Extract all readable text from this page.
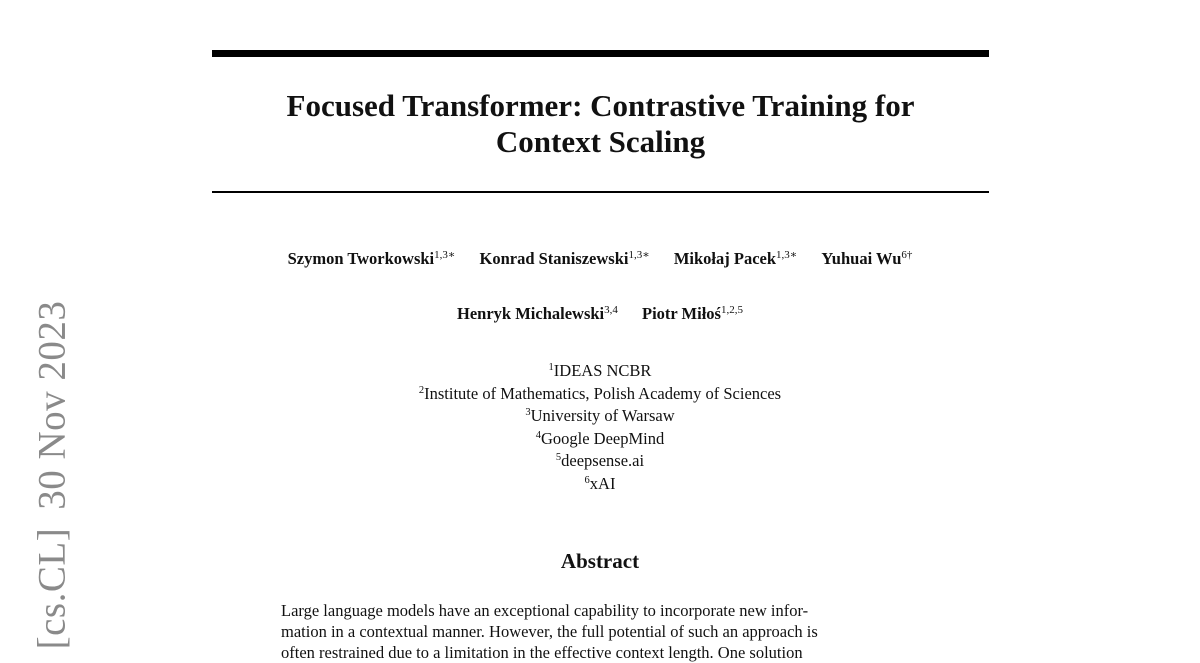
[cs.CL]30 Nov 2023
Focused Transformer: Contrastive Training for
Context Scaling
Szymon Tworkowski$^{1,3∗}$ Konrad Staniszewski$^{1,3∗}$ Mikołaj Pacek$^{1,3∗}$ Yuhuai $Wu^{6\dagger}$
Henryk Michalewski$^{3,4}$ Piotr Miłoś$^{1,2,5}$
$^1$IDEAS NCBR
$^2$Institute of Mathematics, Polish Academy of Sciences
$^3$University of Warsaw
$^4$Google DeepMind
$^5$deepsense.ai
$^6$xAI
Abstract

Large language models have an exceptional capability to incorporate new infor-
mation in a contextual manner. However, the full potential of such an approach is
often restrained due to a limitation in the effective context length. One solution
